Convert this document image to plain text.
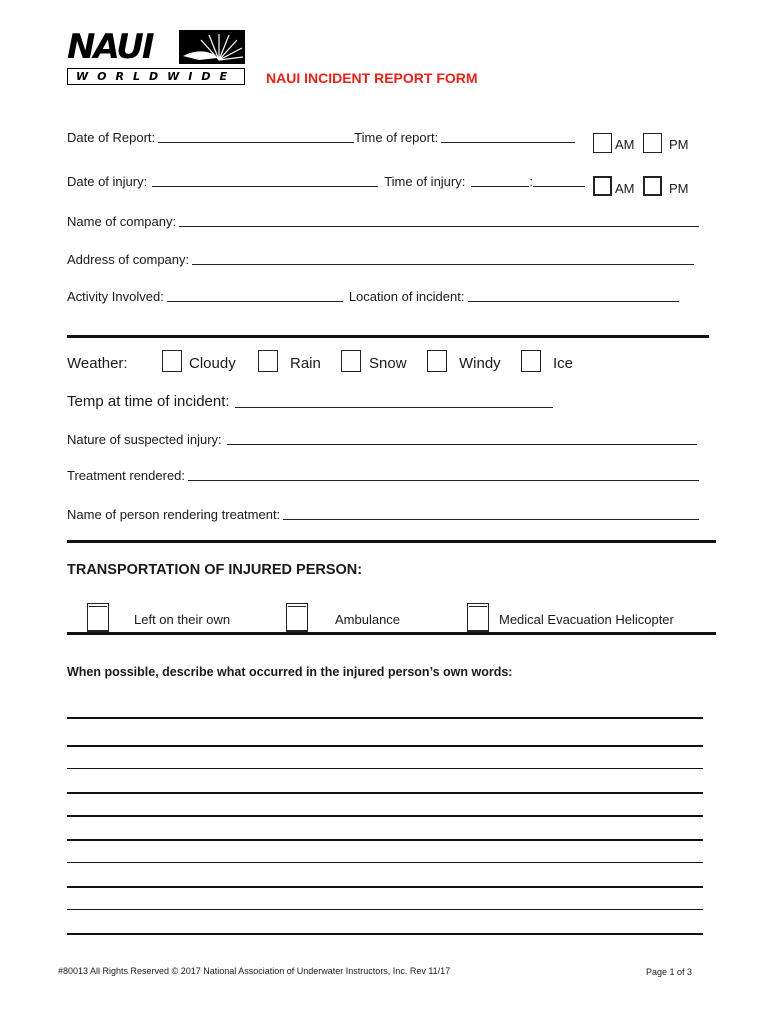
NAUI
WORLDWIDE NAUI INCIDENT REPORT FORM
Date of Report:	Time of report:	AM	PM
Date of injury:	Time of injury:	:	AM	PM
Name of company:
Address of company:
Activity Involved:	Location of incident:
Weather:	Cloudy	Rain	Snow	Windy	Ice
Temp at time of incident:
Nature of suspected injury:
Treatment rendered:
Name of person rendering treatment:
TRANSPORTATION OF INJURED PERSON:
Left on their own	Ambulance	Medical Evacuation Helicopter
When possible, describe what occurred in the injured person’s own words:
#80013 All Rights Reserved © 2017 National Association of Underwater Instructors, Inc. Rev 11/17	Page 1 of 3
